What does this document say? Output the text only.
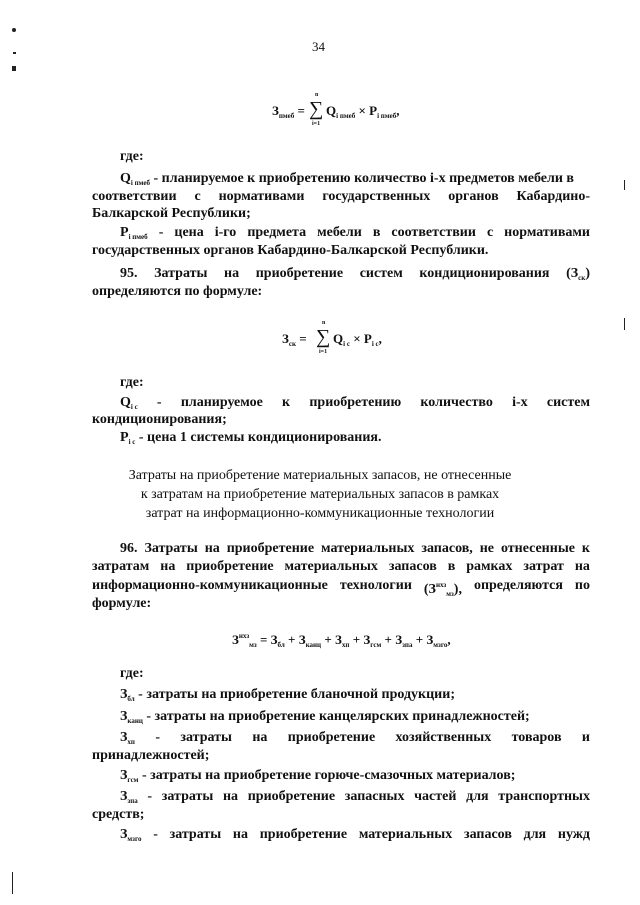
34
$З_{пмеб}$ =
n
∑
i=1
$Q_{i пмеб} \times P_{i пмеб}$,
где:
$Q_{i пмеб}$ - планируемое к приобретению количество i-х предметов мебели в
соответствии с нормативами государственных органов Кабардино-
Балкарской Республики;
$P_{i пмеб}$ - цена i-го предмета мебели в соответствии с нормативами
государственных органов Кабардино-Балкарской Республики.
95. Затраты на приобретение систем кондиционирования $(З_{ск})$
определяются по формуле:
$З_{ск}$ =
n
∑
i=1
$Q_{i с} \times P_{i с}$,
где:
$Q_{i с}$ - планируемое к приобретению количество i-х систем
кондиционирования;
$P_{i с}$ - цена 1 системы кондиционирования.
Затраты на приобретение материальных запасов, не отнесенные
к затратам на приобретение материальных запасов в рамках
затрат на информационно-коммуникационные технологии
96. Затраты на приобретение материальных запасов, не отнесенные к
затратам на приобретение материальных запасов в рамках затрат на
информационно-коммуникационные технологии $(З^{нхз}_{мз})$, определяются по
формуле:
$З^{нхз}_{мз} = З_{бл} + З_{канц} + З_{хп} + З_{гсм} + З_{зпа} + З_{мзго}$,
где:
$З_{бл}$ - затраты на приобретение бланочной продукции;
$З_{канц}$ - затраты на приобретение канцелярских принадлежностей;
$З_{хп}$ - затраты на приобретение хозяйственных товаров и
принадлежностей;
$З_{гсм}$ - затраты на приобретение горюче-смазочных материалов;
$З_{зпа}$ - затраты на приобретение запасных частей для транспортных
средств;
$З_{мзго}$ - затраты на приобретение материальных запасов для нужд
